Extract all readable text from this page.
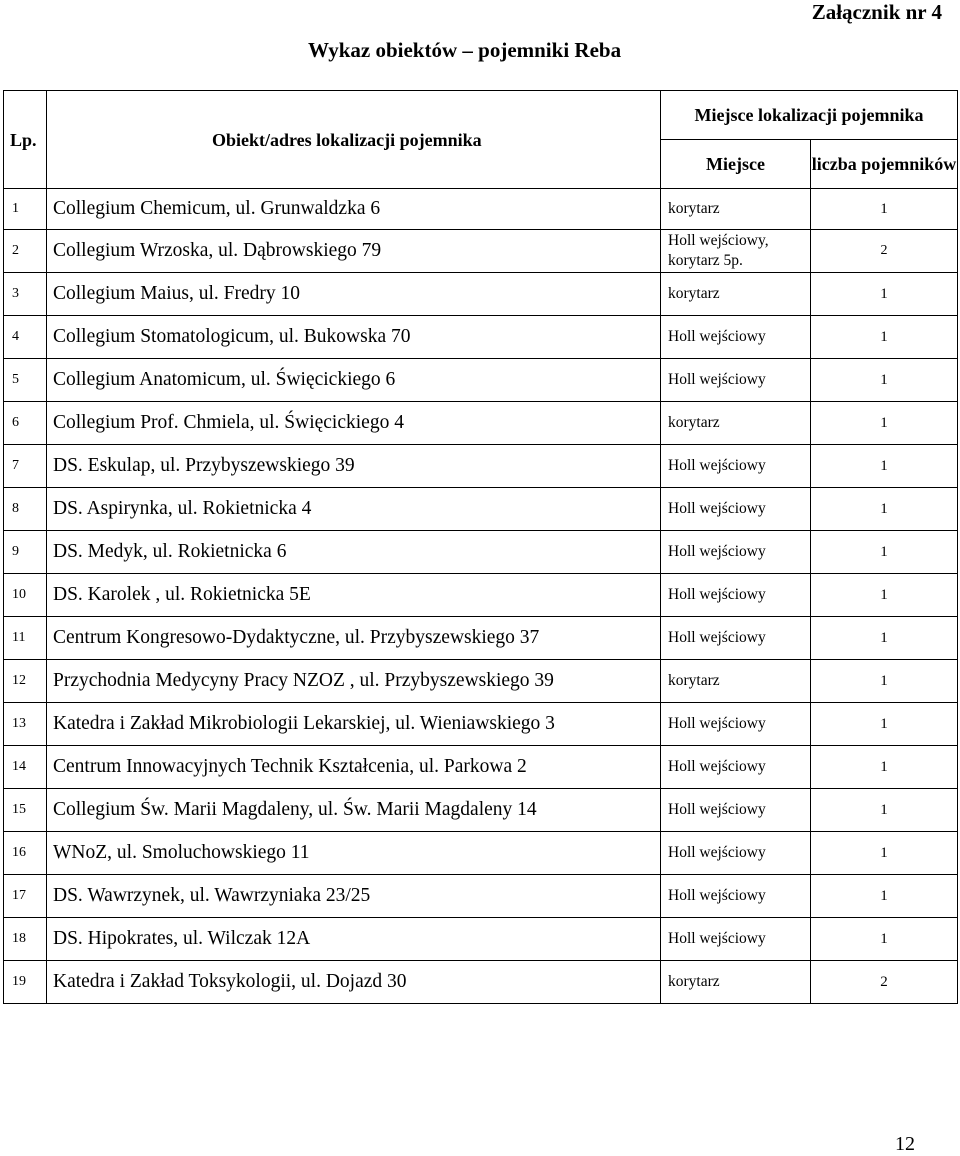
Załącznik nr 4
Wykaz obiektów – pojemniki Reba
Lp.	Obiekt/adres lokalizacji pojemnika	Miejsce lokalizacji pojemnika	
		Miejsce	liczba pojemników
1	Collegium Chemicum, ul. Grunwaldzka 6	korytarz	1
2	Collegium Wrzoska, ul. Dąbrowskiego 79	Holl wejściowy, korytarz 5p.	2
3	Collegium Maius, ul. Fredry 10	korytarz	1
4	Collegium Stomatologicum, ul. Bukowska 70	Holl wejściowy	1
5	Collegium Anatomicum, ul. Święcickiego 6	Holl wejściowy	1
6	Collegium Prof. Chmiela, ul. Święcickiego 4	korytarz	1
7	DS. Eskulap, ul. Przybyszewskiego 39	Holl wejściowy	1
8	DS. Aspirynka, ul. Rokietnicka 4	Holl wejściowy	1
9	DS. Medyk, ul. Rokietnicka 6	Holl wejściowy	1
10	DS. Karolek , ul. Rokietnicka 5E	Holl wejściowy	1
11	Centrum Kongresowo-Dydaktyczne, ul. Przybyszewskiego 37	Holl wejściowy	1
12	Przychodnia Medycyny Pracy NZOZ , ul. Przybyszewskiego 39	korytarz	1
13	Katedra i Zakład Mikrobiologii Lekarskiej, ul. Wieniawskiego 3	Holl wejściowy	1
14	Centrum Innowacyjnych Technik Kształcenia, ul. Parkowa 2	Holl wejściowy	1
15	Collegium Św. Marii Magdaleny, ul. Św. Marii Magdaleny 14	Holl wejściowy	1
16	WNoZ, ul. Smoluchowskiego 11	Holl wejściowy	1
17	DS. Wawrzynek, ul. Wawrzyniaka 23/25	Holl wejściowy	1
18	DS. Hipokrates, ul. Wilczak 12A	Holl wejściowy	1
19	Katedra i Zakład Toksykologii, ul. Dojazd 30	korytarz	2
12
